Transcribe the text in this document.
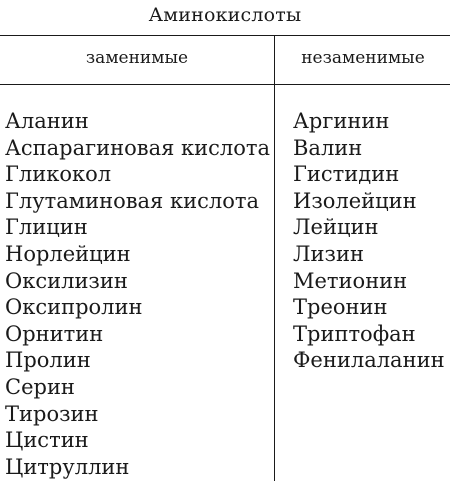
Аминокислоты
заменимые	незаменимые
Аланин
Аспарагиновая кислота
Гликокол
Глутаминовая кислота
Глицин
Норлейцин
Оксилизин
Оксипролин
Орнитин
Пролин
Серин
Тирозин
Цистин
Цитруллин
Аргинин
Валин
Гистидин
Изолейцин
Лейцин
Лизин
Метионин
Треонин
Триптофан
Фенилаланин
